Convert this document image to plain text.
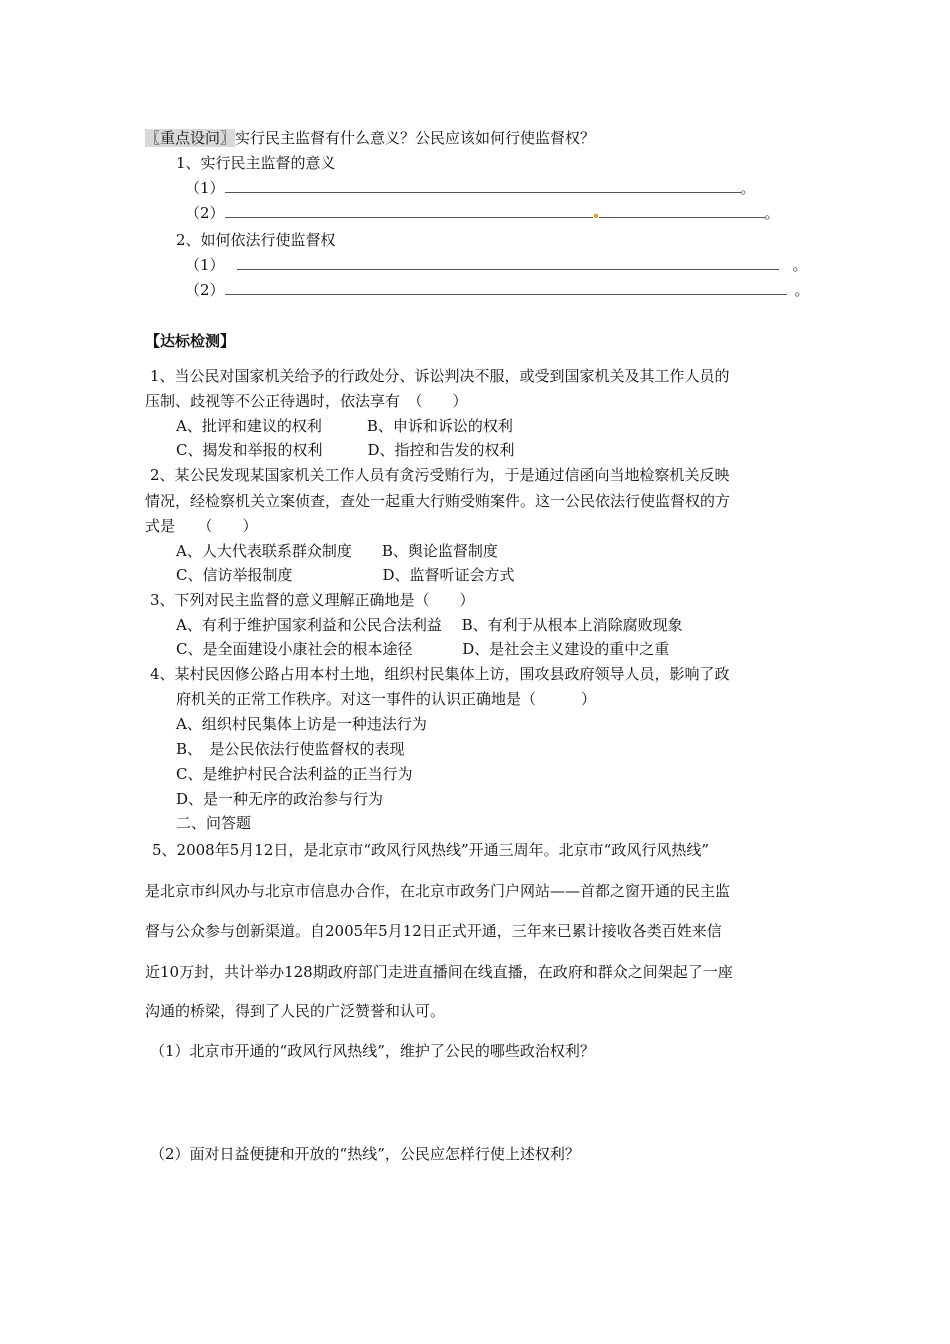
〖重点设问〗实行民主监督有什么意义？公民应该如何行使监督权？
1、实行民主监督的意义
（1）	。
（2）	。
2、如何依法行使监督权
（1）	。
（2）	。
【达标检测】
1、当公民对国家机关给予的行政处分、诉讼判决不服，或受到国家机关及其工作人员的
压制、歧视等不公正待遇时，依法享有　（　　）
A、批评和建议的权利　　　B、申诉和诉讼的权利
C、揭发和举报的权利　　　D、指控和告发的权利
2、某公民发现某国家机关工作人员有贪污受贿行为，于是通过信函向当地检察机关反映
情况，经检察机关立案侦查，查处一起重大行贿受贿案件。这一公民依法行使监督权的方
式是　　（　　）
A、人大代表联系群众制度　　B、舆论监督制度
C、信访举报制度　　　　　　D、监督听证会方式
3、下列对民主监督的意义理解正确地是（　　）
A、有利于维护国家利益和公民合法利益　 B、有利于从根本上消除腐败现象
C、是全面建设小康社会的根本途径　　　 D、是社会主义建设的重中之重
4、某村民因修公路占用本村土地，组织村民集体上访，围攻县政府领导人员，影响了政
府机关的正常工作秩序。对这一事件的认识正确地是（　　　）
A、组织村民集体上访是一种违法行为
B、　是公民依法行使监督权的表现
C、是维护村民合法利益的正当行为
D、是一种无序的政治参与行为
二、问答题
5、2008年5月12日，是北京市“政风行风热线”开通三周年。北京市“政风行风热线”
是北京市纠风办与北京市信息办合作，在北京市政务门户网站——首都之窗开通的民主监
督与公众参与创新渠道。自2005年5月12日正式开通，三年来已累计接收各类百姓来信
近10万封，共计举办128期政府部门走进直播间在线直播，在政府和群众之间架起了一座
沟通的桥梁，得到了人民的广泛赞誉和认可。
（1）北京市开通的“政风行风热线”，维护了公民的哪些政治权利？
（2）面对日益便捷和开放的“热线”，公民应怎样行使上述权利？
